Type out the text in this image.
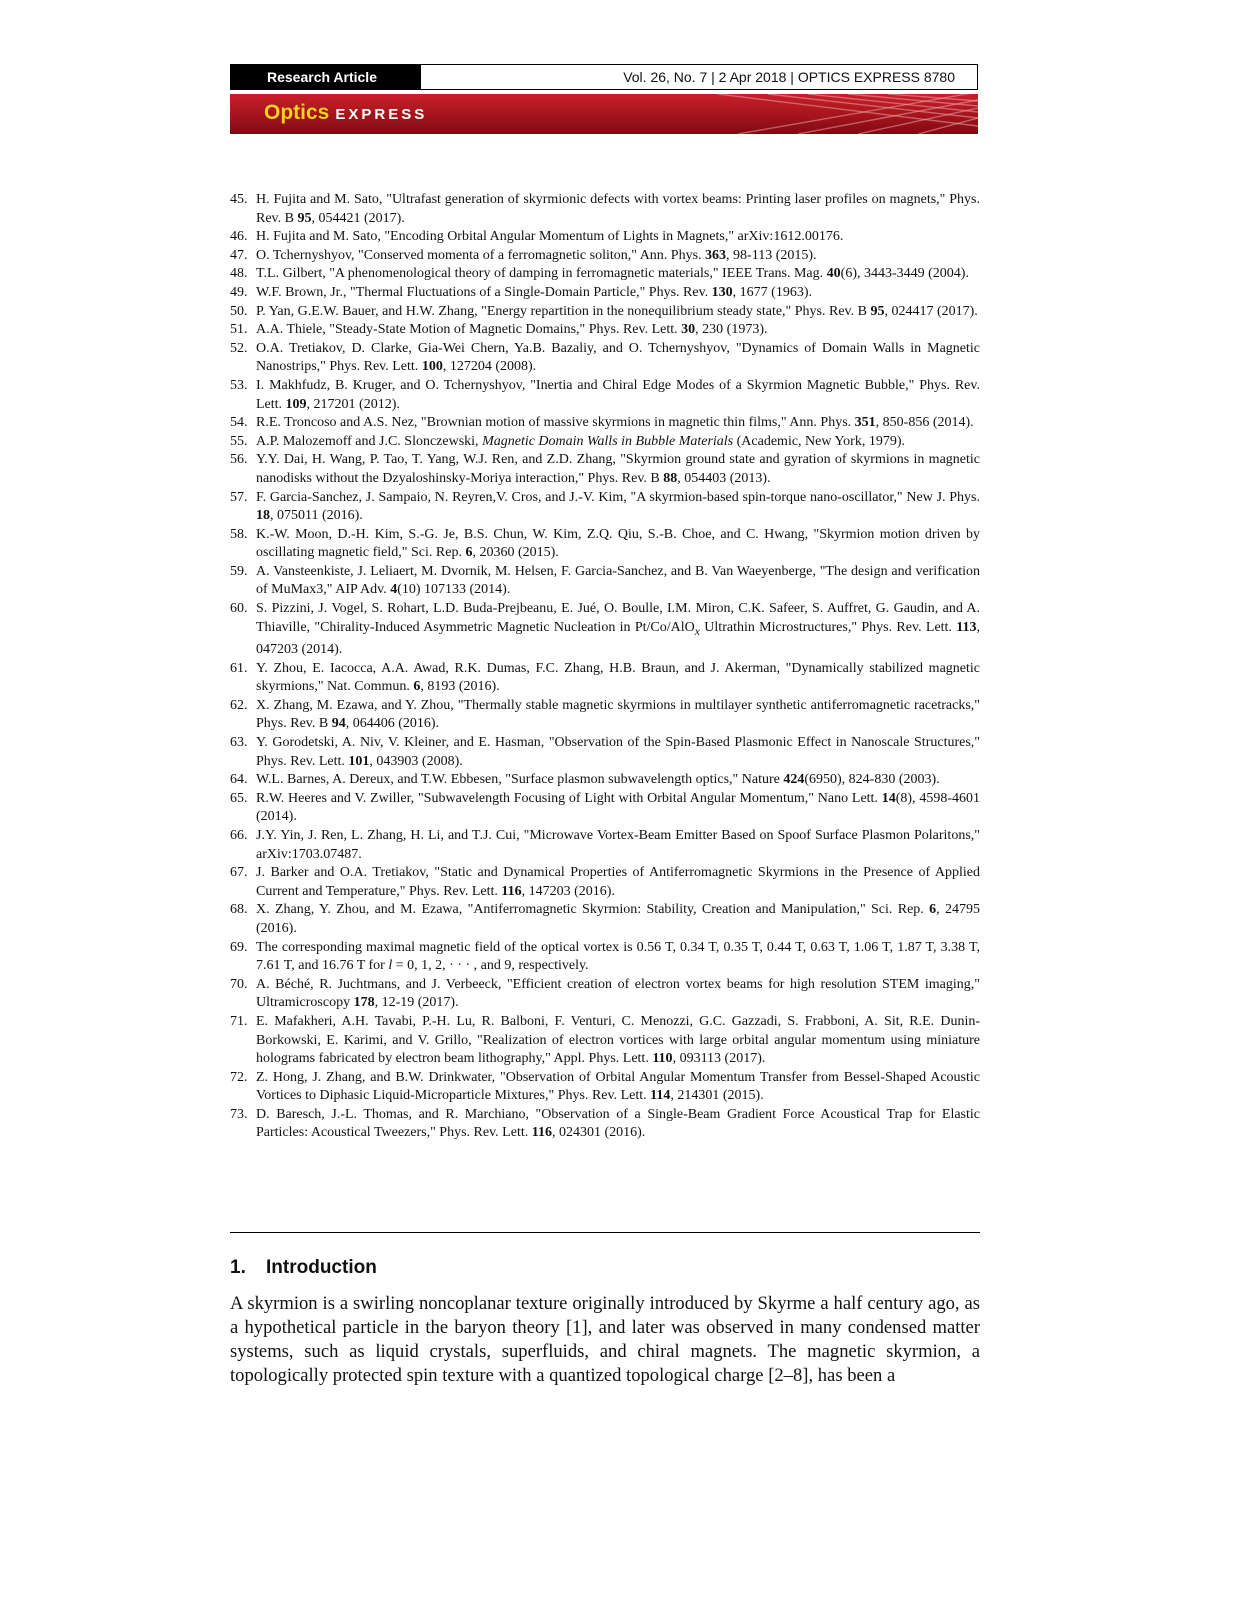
Research Article	Vol. 26, No. 7 | 2 Apr 2018 | OPTICS EXPRESS 8780
Optics EXPRESS
45. H. Fujita and M. Sato, "Ultrafast generation of skyrmionic defects with vortex beams: Printing laser profiles on magnets," Phys. Rev. B 95, 054421 (2017).
46. H. Fujita and M. Sato, "Encoding Orbital Angular Momentum of Lights in Magnets," arXiv:1612.00176.
47. O. Tchernyshyov, "Conserved momenta of a ferromagnetic soliton," Ann. Phys. 363, 98-113 (2015).
48. T.L. Gilbert, "A phenomenological theory of damping in ferromagnetic materials," IEEE Trans. Mag. 40(6), 3443-3449 (2004).
49. W.F. Brown, Jr., "Thermal Fluctuations of a Single-Domain Particle," Phys. Rev. 130, 1677 (1963).
50. P. Yan, G.E.W. Bauer, and H.W. Zhang, "Energy repartition in the nonequilibrium steady state," Phys. Rev. B 95, 024417 (2017).
51. A.A. Thiele, "Steady-State Motion of Magnetic Domains," Phys. Rev. Lett. 30, 230 (1973).
52. O.A. Tretiakov, D. Clarke, Gia-Wei Chern, Ya.B. Bazaliy, and O. Tchernyshyov, "Dynamics of Domain Walls in Magnetic Nanostrips," Phys. Rev. Lett. 100, 127204 (2008).
53. I. Makhfudz, B. Kruger, and O. Tchernyshyov, "Inertia and Chiral Edge Modes of a Skyrmion Magnetic Bubble," Phys. Rev. Lett. 109, 217201 (2012).
54. R.E. Troncoso and A.S. Nez, "Brownian motion of massive skyrmions in magnetic thin films," Ann. Phys. 351, 850-856 (2014).
55. A.P. Malozemoff and J.C. Slonczewski, Magnetic Domain Walls in Bubble Materials (Academic, New York, 1979).
56. Y.Y. Dai, H. Wang, P. Tao, T. Yang, W.J. Ren, and Z.D. Zhang, "Skyrmion ground state and gyration of skyrmions in magnetic nanodisks without the Dzyaloshinsky-Moriya interaction," Phys. Rev. B 88, 054403 (2013).
57. F. Garcia-Sanchez, J. Sampaio, N. Reyren,V. Cros, and J.-V. Kim, "A skyrmion-based spin-torque nano-oscillator," New J. Phys. 18, 075011 (2016).
58. K.-W. Moon, D.-H. Kim, S.-G. Je, B.S. Chun, W. Kim, Z.Q. Qiu, S.-B. Choe, and C. Hwang, "Skyrmion motion driven by oscillating magnetic field," Sci. Rep. 6, 20360 (2015).
59. A. Vansteenkiste, J. Leliaert, M. Dvornik, M. Helsen, F. Garcia-Sanchez, and B. Van Waeyenberge, "The design and verification of MuMax3," AIP Adv. 4(10) 107133 (2014).
60. S. Pizzini, J. Vogel, S. Rohart, L.D. Buda-Prejbeanu, E. Jué, O. Boulle, I.M. Miron, C.K. Safeer, S. Auffret, G. Gaudin, and A. Thiaville, "Chirality-Induced Asymmetric Magnetic Nucleation in Pt/Co/AlO$_x$ Ultrathin Microstructures," Phys. Rev. Lett. 113, 047203 (2014).
61. Y. Zhou, E. Iacocca, A.A. Awad, R.K. Dumas, F.C. Zhang, H.B. Braun, and J. Akerman, "Dynamically stabilized magnetic skyrmions," Nat. Commun. 6, 8193 (2016).
62. X. Zhang, M. Ezawa, and Y. Zhou, "Thermally stable magnetic skyrmions in multilayer synthetic antiferromagnetic racetracks," Phys. Rev. B 94, 064406 (2016).
63. Y. Gorodetski, A. Niv, V. Kleiner, and E. Hasman, "Observation of the Spin-Based Plasmonic Effect in Nanoscale Structures," Phys. Rev. Lett. 101, 043903 (2008).
64. W.L. Barnes, A. Dereux, and T.W. Ebbesen, "Surface plasmon subwavelength optics," Nature 424(6950), 824-830 (2003).
65. R.W. Heeres and V. Zwiller, "Subwavelength Focusing of Light with Orbital Angular Momentum," Nano Lett. 14(8), 4598-4601 (2014).
66. J.Y. Yin, J. Ren, L. Zhang, H. Li, and T.J. Cui, "Microwave Vortex-Beam Emitter Based on Spoof Surface Plasmon Polaritons," arXiv:1703.07487.
67. J. Barker and O.A. Tretiakov, "Static and Dynamical Properties of Antiferromagnetic Skyrmions in the Presence of Applied Current and Temperature," Phys. Rev. Lett. 116, 147203 (2016).
68. X. Zhang, Y. Zhou, and M. Ezawa, "Antiferromagnetic Skyrmion: Stability, Creation and Manipulation," Sci. Rep. 6, 24795 (2016).
69. The corresponding maximal magnetic field of the optical vortex is 0.56 T, 0.34 T, 0.35 T, 0.44 T, 0.63 T, 1.06 T, 1.87 T, 3.38 T, 7.61 T, and 16.76 T for l = 0, 1, 2, · · · , and 9, respectively.
70. A. Béché, R. Juchtmans, and J. Verbeeck, "Efficient creation of electron vortex beams for high resolution STEM imaging," Ultramicroscopy 178, 12-19 (2017).
71. E. Mafakheri, A.H. Tavabi, P.-H. Lu, R. Balboni, F. Venturi, C. Menozzi, G.C. Gazzadi, S. Frabboni, A. Sit, R.E. Dunin-Borkowski, E. Karimi, and V. Grillo, "Realization of electron vortices with large orbital angular momentum using miniature holograms fabricated by electron beam lithography," Appl. Phys. Lett. 110, 093113 (2017).
72. Z. Hong, J. Zhang, and B.W. Drinkwater, "Observation of Orbital Angular Momentum Transfer from Bessel-Shaped Acoustic Vortices to Diphasic Liquid-Microparticle Mixtures," Phys. Rev. Lett. 114, 214301 (2015).
73. D. Baresch, J.-L. Thomas, and R. Marchiano, "Observation of a Single-Beam Gradient Force Acoustical Trap for Elastic Particles: Acoustical Tweezers," Phys. Rev. Lett. 116, 024301 (2016).
1. Introduction

A skyrmion is a swirling noncoplanar texture originally introduced by Skyrme a half century ago, as a hypothetical particle in the baryon theory [1], and later was observed in many condensed matter systems, such as liquid crystals, superfluids, and chiral magnets. The magnetic skyrmion, a topologically protected spin texture with a quantized topological charge [2–8], has been a
